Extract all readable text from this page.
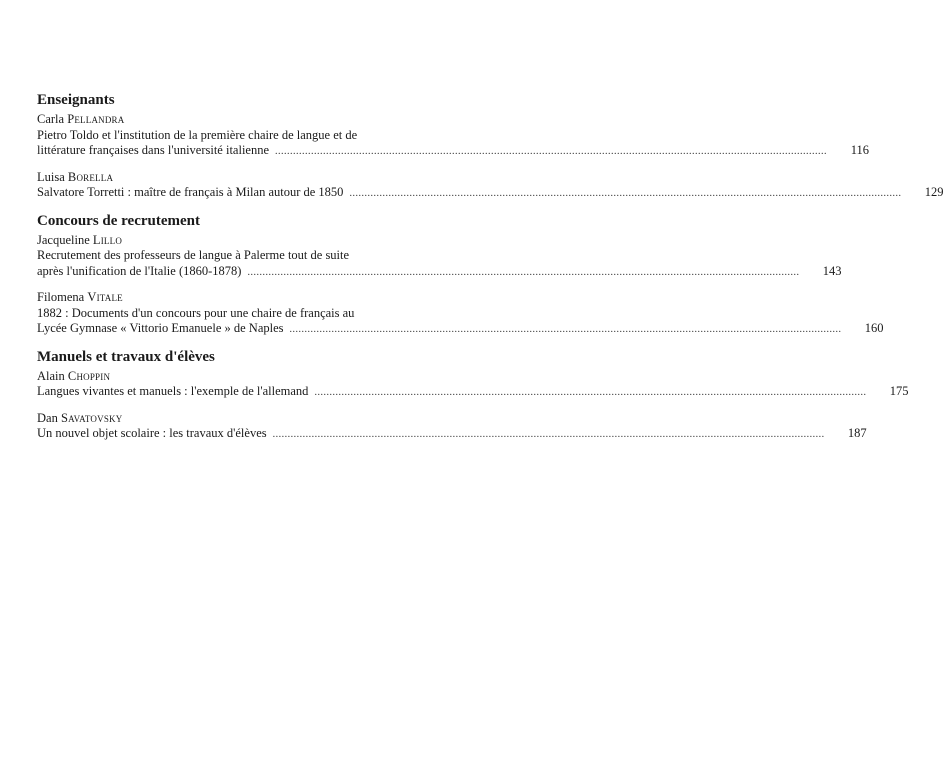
Enseignants
Carla Pellandra
Pietro Toldo et l'institution de la première chaire de langue et de
littérature françaises dans l'université italienne .....	116
Luisa Borella
Salvatore Torretti : maître de français à Milan autour de 1850 .....	129
Concours de recrutement
Jacqueline Lillo
Recrutement des professeurs de langue à Palerme tout de suite
après l'unification de l'Italie (1860-1878) .....	143
Filomena Vitale
1882 : Documents d'un concours pour une chaire de français au
Lycée Gymnase « Vittorio Emanuele » de Naples .....	160
Manuels et travaux d'élèves
Alain Choppin
Langues vivantes et manuels : l'exemple de l'allemand .....	175
Dan Savatovsky
Un nouvel objet scolaire : les travaux d'élèves .....	187
